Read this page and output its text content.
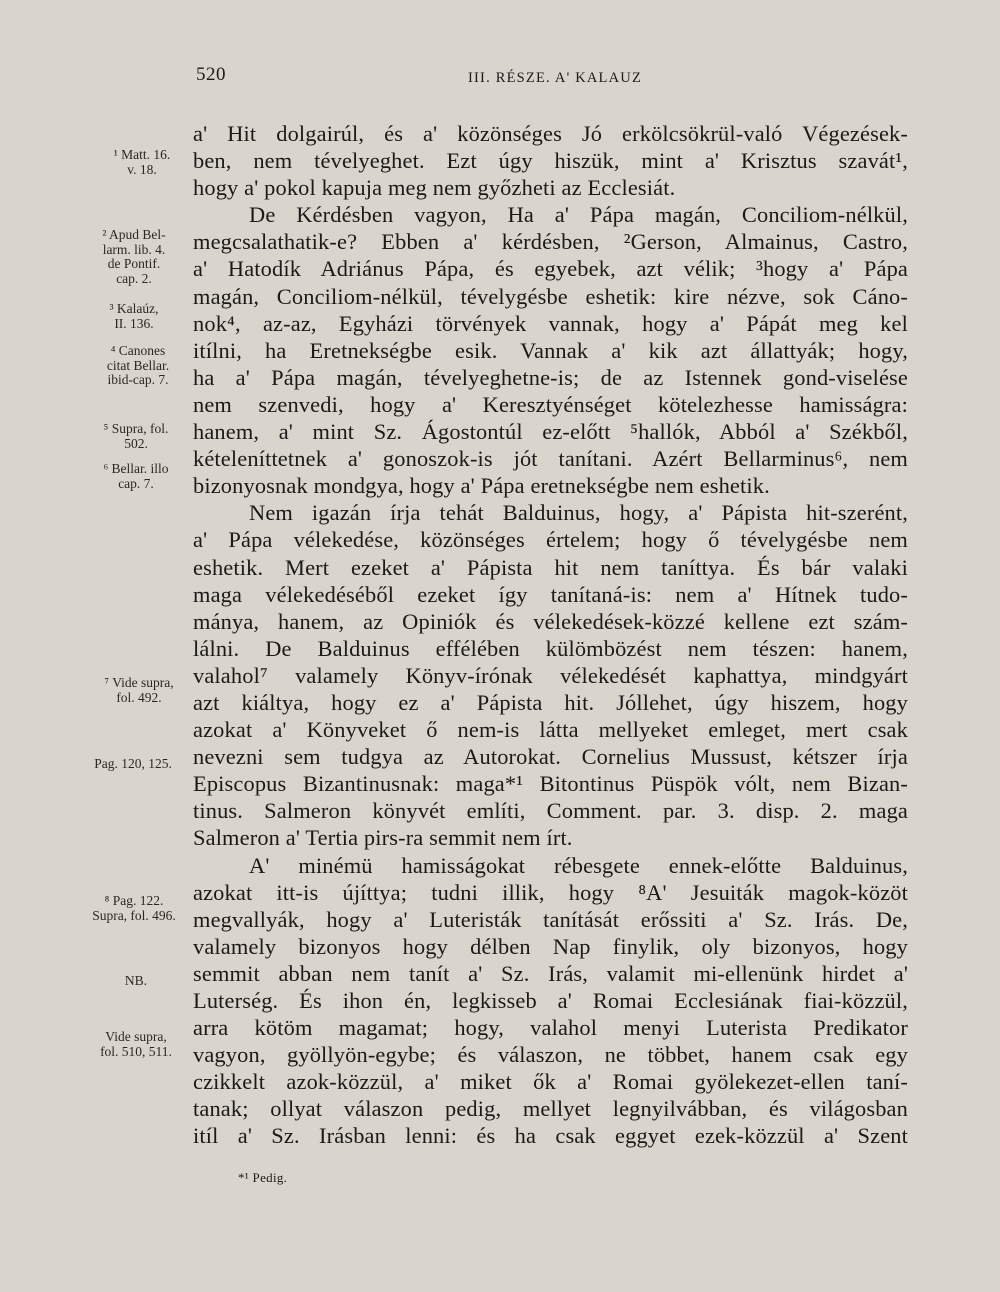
520	III. RÉSZE. A' KALAUZ
a' Hit dolgairúl, és a' közönséges Jó erkölcsökrül-való Végezések-
ben, nem tévelyeghet. Ezt úgy hiszük, mint a' Krisztus szavát¹,
hogy a' pokol kapuja meg nem győzheti az Ecclesiát.
De Kérdésben vagyon, Ha a' Pápa magán, Conciliom-nélkül,
megcsalathatik-e? Ebben a' kérdésben, ²Gerson, Almainus, Castro,
a' Hatodík Adriánus Pápa, és egyebek, azt vélik; ³hogy a' Pápa
magán, Conciliom-nélkül, tévelygésbe eshetik: kire nézve, sok Cáno-
nok⁴, az-az, Egyházi törvények vannak, hogy a' Pápát meg kel
itílni, ha Eretnekségbe esik. Vannak a' kik azt állattyák; hogy,
ha a' Pápa magán, tévelyeghetne-is; de az Istennek gond-viselése
nem szenvedi, hogy a' Keresztyénséget kötelezhesse hamisságra:
hanem, a' mint Sz. Ágostontúl ez-előtt ⁵hallók, Abból a' Székből,
kételeníttetnek a' gonoszok-is jót tanítani. Azért Bellarminus⁶, nem
bizonyosnak mondgya, hogy a' Pápa eretnekségbe nem eshetik.
Nem igazán írja tehát Balduinus, hogy, a' Pápista hit-szerént,
a' Pápa vélekedése, közönséges értelem; hogy ő tévelygésbe nem
eshetik. Mert ezeket a' Pápista hit nem taníttya. És bár valaki
maga vélekedéséből ezeket így tanítaná-is: nem a' Hítnek tudo-
mánya, hanem, az Opiniók és vélekedések-közzé kellene ezt szám-
lálni. De Balduinus effélében külömbözést nem tészen: hanem,
valahol⁷ valamely Könyv-írónak vélekedését kaphattya, mindgyárt
azt kiáltya, hogy ez a' Pápista hit. Jóllehet, úgy hiszem, hogy
azokat a' Könyveket ő nem-is látta mellyeket emleget, mert csak
nevezni sem tudgya az Autorokat. Cornelius Mussust, kétszer írja
Episcopus Bizantinusnak: maga*¹ Bitontinus Püspök vólt, nem Bizan-
tinus. Salmeron könyvét említi, Comment. par. 3. disp. 2. maga
Salmeron a' Tertia pirs-ra semmit nem írt.
A' minémü hamisságokat rébesgete ennek-előtte Balduinus,
azokat itt-is újíttya; tudni illik, hogy ⁸A' Jesuiták magok-közöt
megvallyák, hogy a' Luteristák tanítását erőssiti a' Sz. Irás. De,
valamely bizonyos hogy délben Nap finylik, oly bizonyos, hogy
semmit abban nem tanít a' Sz. Irás, valamit mi-ellenünk hirdet a'
Luterség. És ihon én, legkisseb a' Romai Ecclesiának fiai-közzül,
arra kötöm magamat; hogy, valahol menyi Luterista Predikator
vagyon, gyöllyön-egybe; és válaszon, ne többet, hanem csak egy
czikkelt azok-közzül, a' miket ők a' Romai gyölekezet-ellen taní-
tanak; ollyat válaszon pedig, mellyet legnyilvábban, és világosban
itíl a' Sz. Irásban lenni: és ha csak eggyet ezek-közzül a' Szent
¹ Matt. 16.
v. 18.
² Apud Bel-
larm. lib. 4.
de Pontif.
cap. 2.
³ Kalaúz,
II. 136.
⁴ Canones
citat Bellar.
ibid-cap. 7.
⁵ Supra, fol.
502.
⁶ Bellar. illo
cap. 7.
⁷ Vide supra,
fol. 492.
Pag. 120, 125.
⁸ Pag. 122.
Supra, fol. 496.
NB.
Vide supra,
fol. 510, 511.
*¹ Pedig.
